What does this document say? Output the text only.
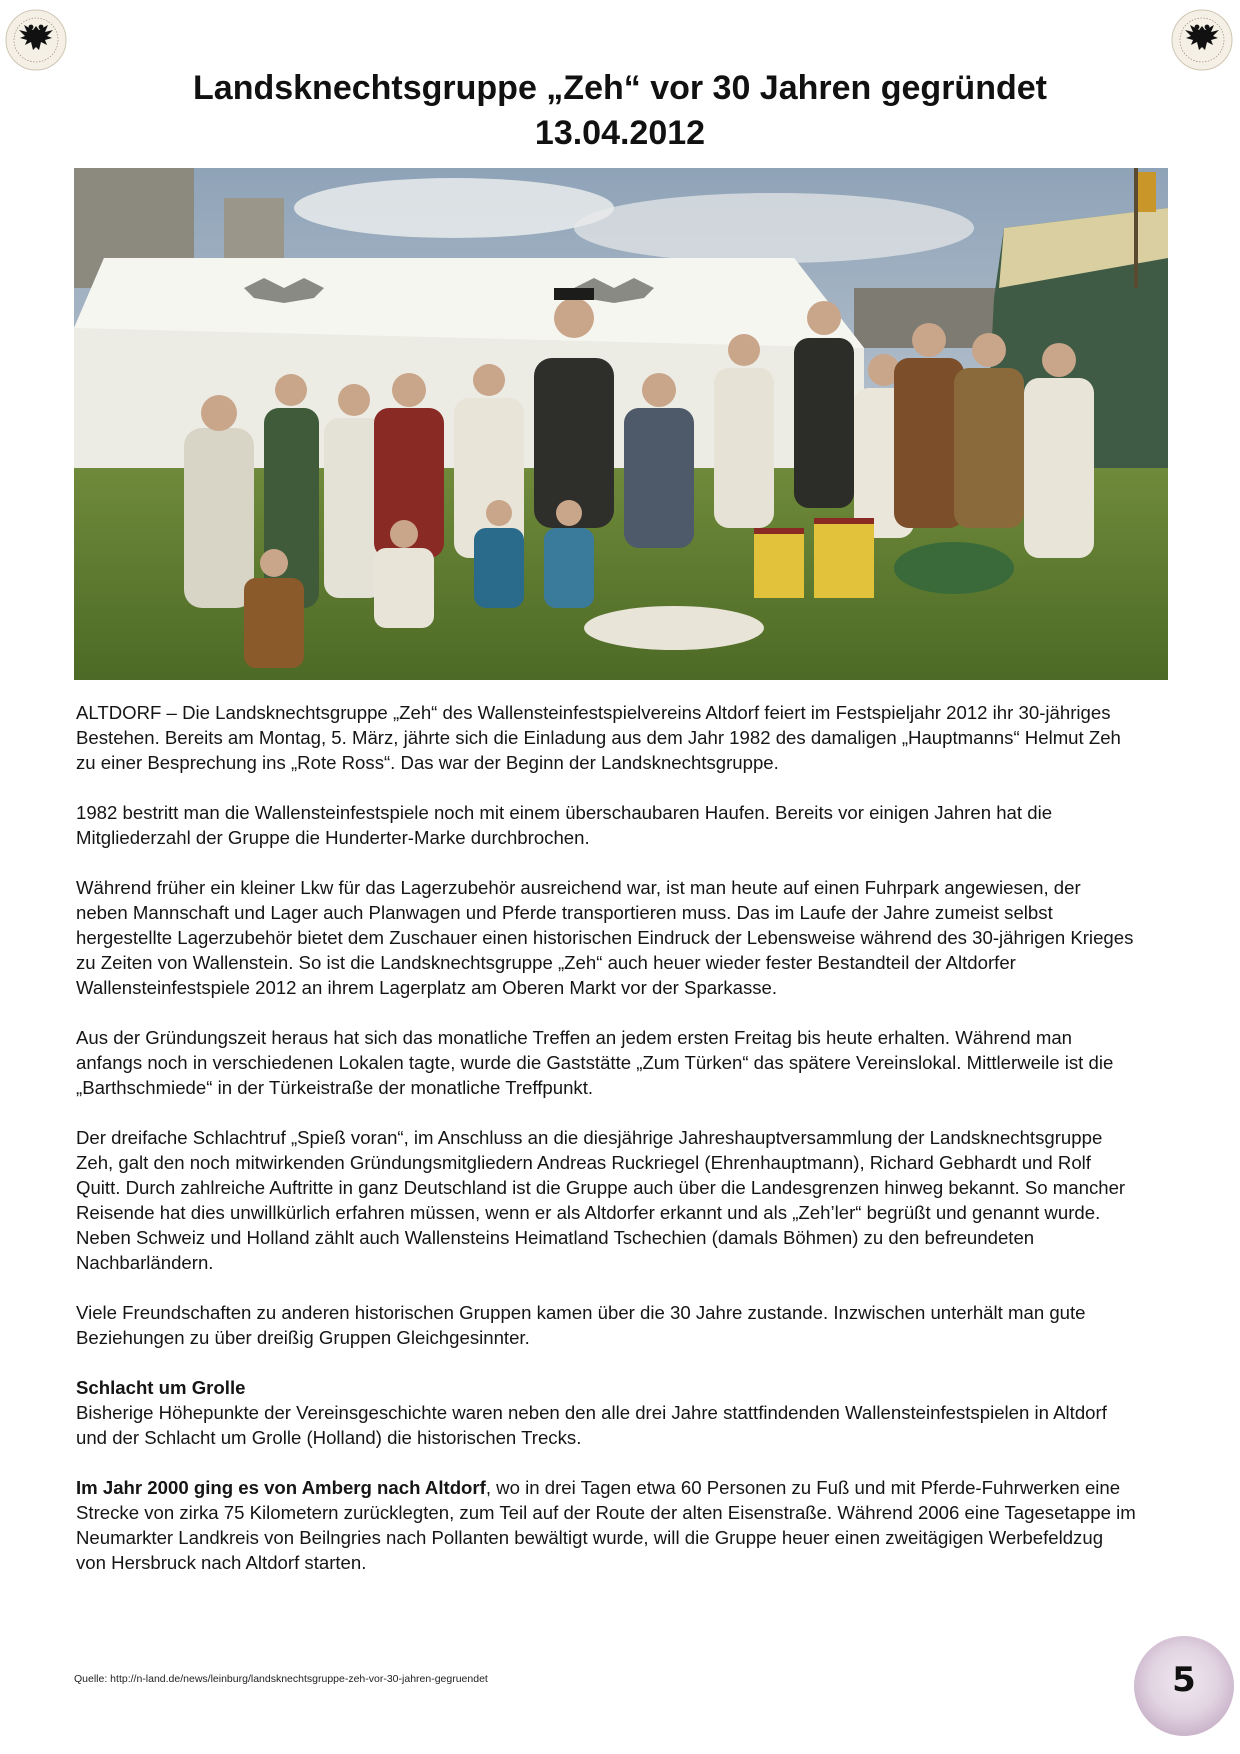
Landsknechtsgruppe „Zeh“ vor 30 Jahren gegründet
13.04.2012

ALTDORF – Die Landsknechtsgruppe „Zeh“ des Wallensteinfestspielvereins Altdorf feiert im Festspieljahr 2012 ihr 30-jähriges Bestehen. Bereits am Montag, 5. März, jährte sich die Einladung aus dem Jahr 1982 des damaligen „Hauptmanns“ Helmut Zeh zu einer Besprechung ins „Rote Ross“. Das war der Beginn der Landsknechtsgruppe.

1982 bestritt man die Wallensteinfestspiele noch mit einem überschaubaren Haufen. Bereits vor einigen Jahren hat die Mitgliederzahl der Gruppe die Hunderter-Marke durchbrochen.

Während früher ein kleiner Lkw für das Lagerzubehör ausreichend war, ist man heute auf einen Fuhrpark angewiesen, der neben Mannschaft und Lager auch Planwagen und Pferde transportieren muss. Das im Laufe der Jahre zumeist selbst hergestellte Lagerzubehör bietet dem Zuschauer einen historischen Eindruck der Lebensweise während des 30-jährigen Krieges zu Zeiten von Wallenstein. So ist die Landsknechtsgruppe „Zeh“ auch heuer wieder fester Bestandteil der Altdorfer Wallensteinfestspiele 2012 an ihrem Lagerplatz am Oberen Markt vor der Sparkasse.

Aus der Gründungszeit heraus hat sich das monatliche Treffen an jedem ersten Freitag bis heute erhalten. Während man anfangs noch in verschiedenen Lokalen tagte, wurde die Gaststätte „Zum Türken“ das spätere Vereinslokal. Mittlerweile ist die „Barthschmiede“ in der Türkeistraße der monatliche Treffpunkt.

Der dreifache Schlachtruf „Spieß voran“, im Anschluss an die diesjährige Jahreshauptversammlung der Landsknechtsgruppe Zeh, galt den noch mitwirkenden Gründungsmitgliedern Andreas Ruckriegel (Ehrenhauptmann), Richard Gebhardt und Rolf Quitt. Durch zahlreiche Auftritte in ganz Deutschland ist die Gruppe auch über die Landesgrenzen hinweg bekannt. So mancher Reisende hat dies unwillkürlich erfahren müssen, wenn er als Altdorfer erkannt und als „Zeh’ler“ begrüßt und genannt wurde. Neben Schweiz und Holland zählt auch Wallensteins Heimatland Tschechien (damals Böhmen) zu den befreundeten Nachbarländern.

Viele Freundschaften zu anderen historischen Gruppen kamen über die 30 Jahre zustande. Inzwischen unterhält man gute Beziehungen zu über dreißig Gruppen Gleichgesinnter.

Schlacht um Grolle
Bisherige Höhepunkte der Vereinsgeschichte waren neben den alle drei Jahre stattfindenden Wallensteinfestspielen in Altdorf und der Schlacht um Grolle (Holland) die historischen Trecks.

Im Jahr 2000 ging es von Amberg nach Altdorf, wo in drei Tagen etwa 60 Personen zu Fuß und mit Pferde-Fuhrwerken eine Strecke von zirka 75 Kilometern zurücklegten, zum Teil auf der Route der alten Eisenstraße. Während 2006 eine Tagesetappe im Neumarkter Landkreis von Beilngries nach Pollanten bewältigt wurde, will die Gruppe heuer einen zweitägigen Werbefeldzug von Hersbruck nach Altdorf starten.

Quelle: http://n-land.de/news/leinburg/landsknechtsgruppe-zeh-vor-30-jahren-gegruendet	5
